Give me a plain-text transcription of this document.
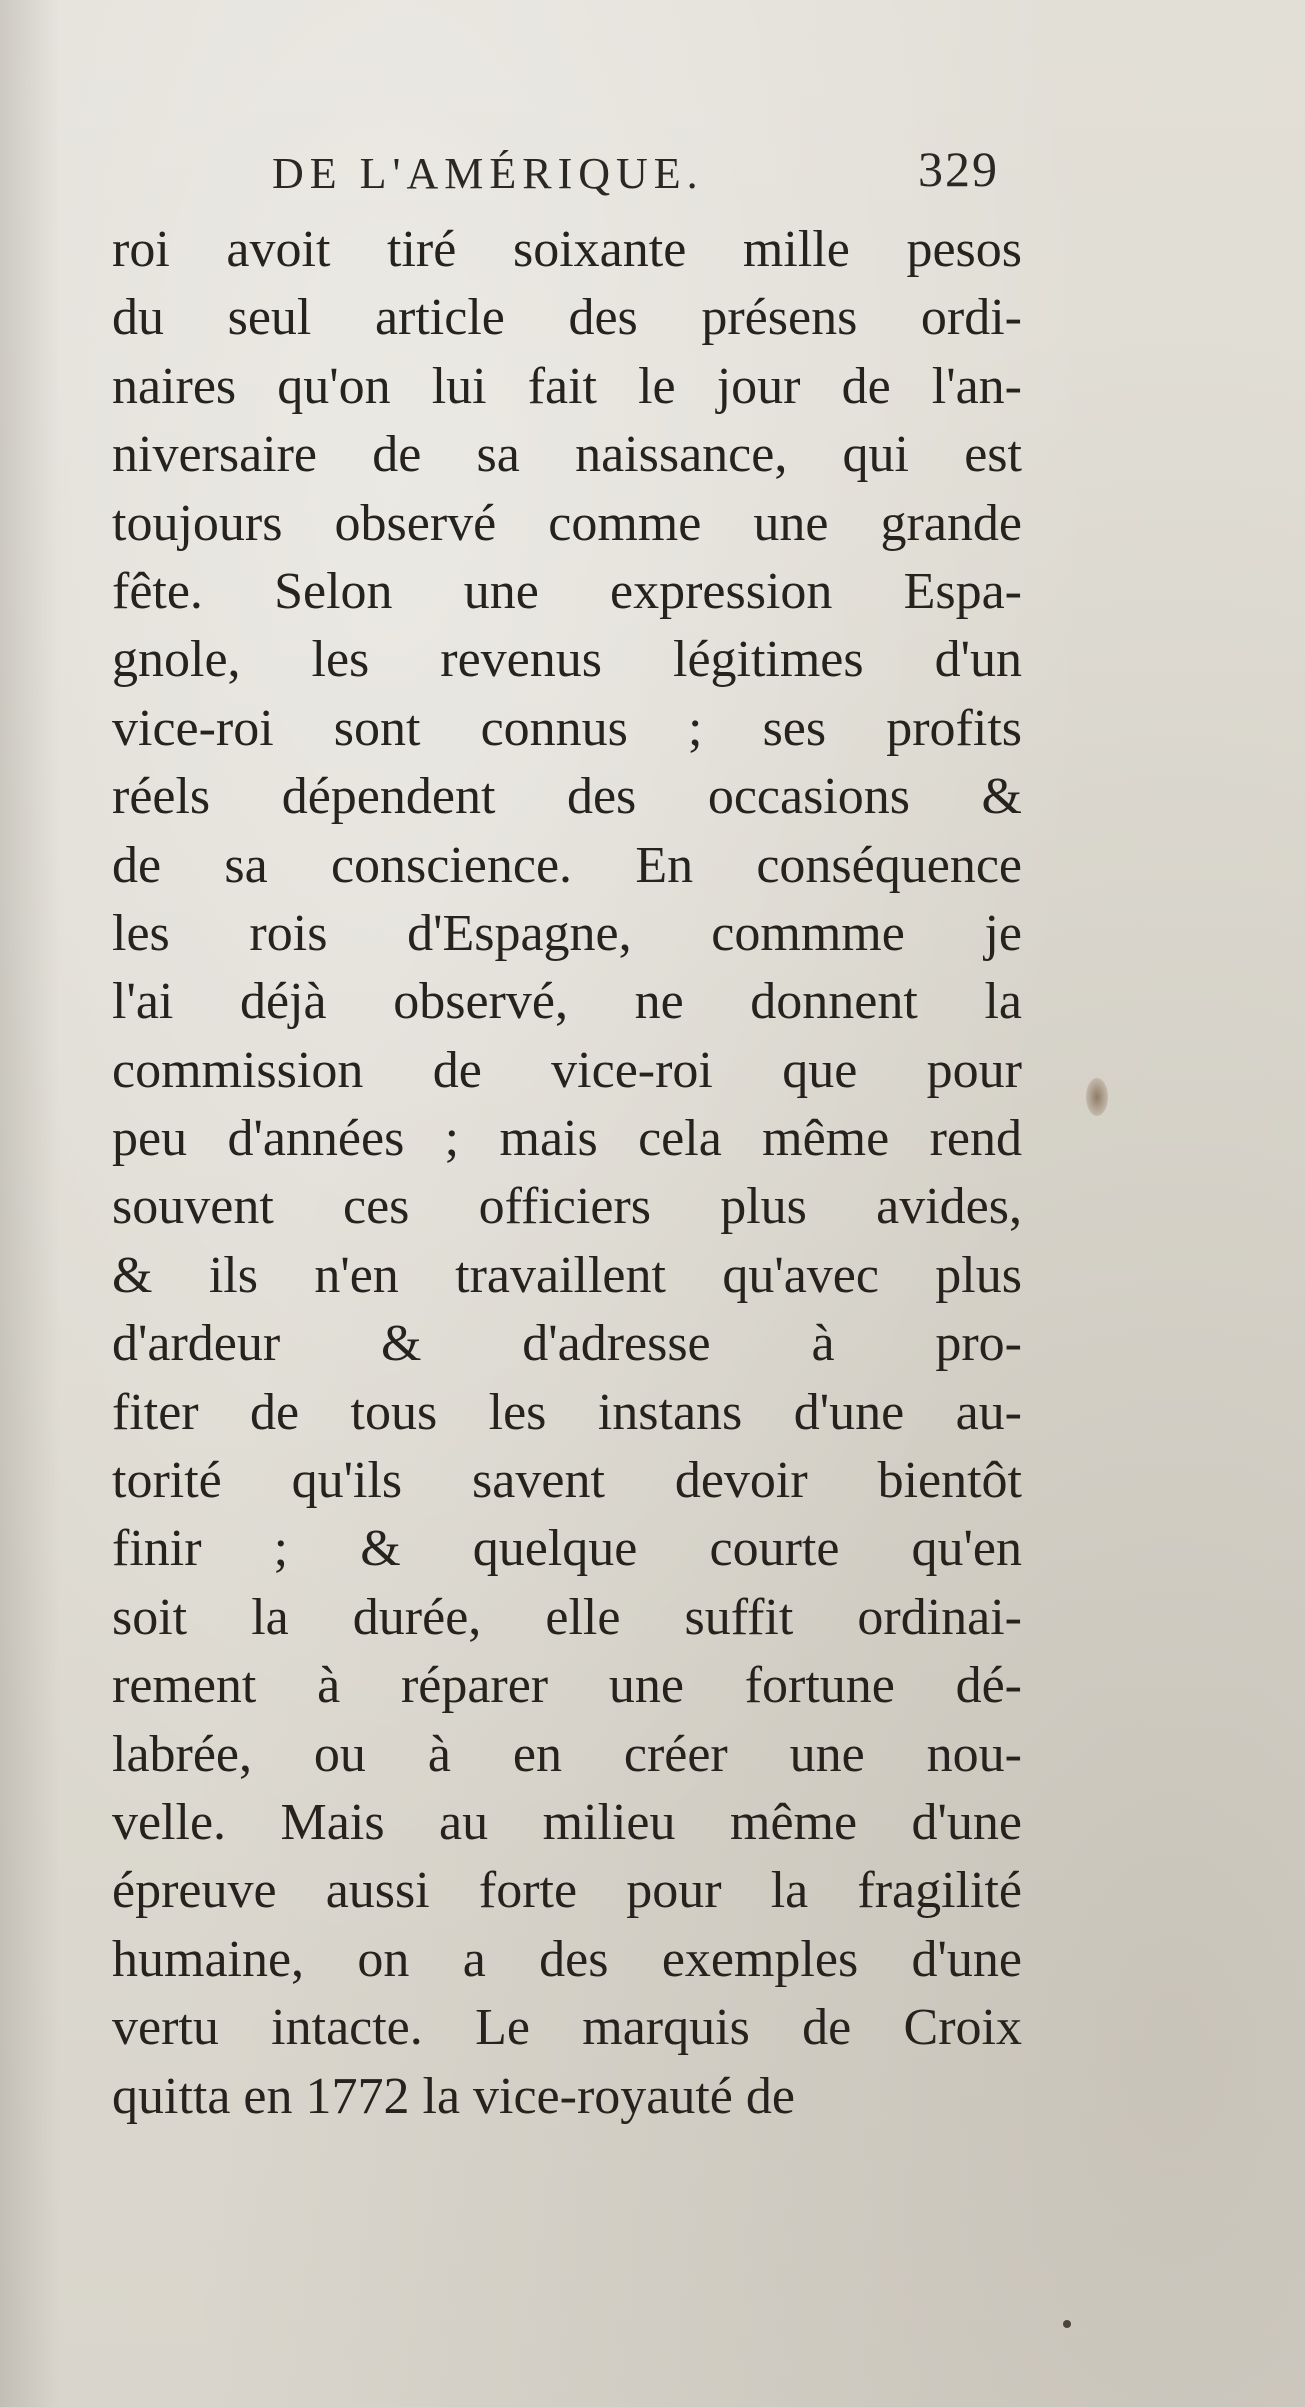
DE L'AMÉRIQUE.	329
roi avoit tiré soixante mille pesos
du seul article des présens ordi-
naires qu'on lui fait le jour de l'an-
niversaire de sa naissance, qui est
toujours observé comme une grande
fête. Selon une expression Espa-
gnole, les revenus légitimes d'un
vice-roi sont connus ; ses profits
réels dépendent des occasions &
de sa conscience. En conséquence
les rois d'Espagne, commme je
l'ai déjà observé, ne donnent la
commission de vice-roi que pour
peu d'années ; mais cela même rend
souvent ces officiers plus avides,
& ils n'en travaillent qu'avec plus
d'ardeur & d'adresse à pro-
fiter de tous les instans d'une au-
torité qu'ils savent devoir bientôt
finir ; & quelque courte qu'en
soit la durée, elle suffit ordinai-
rement à réparer une fortune dé-
labrée, ou à en créer une nou-
velle. Mais au milieu même d'une
épreuve aussi forte pour la fragilité
humaine, on a des exemples d'une
vertu intacte. Le marquis de Croix
quitta en 1772 la vice-royauté de
